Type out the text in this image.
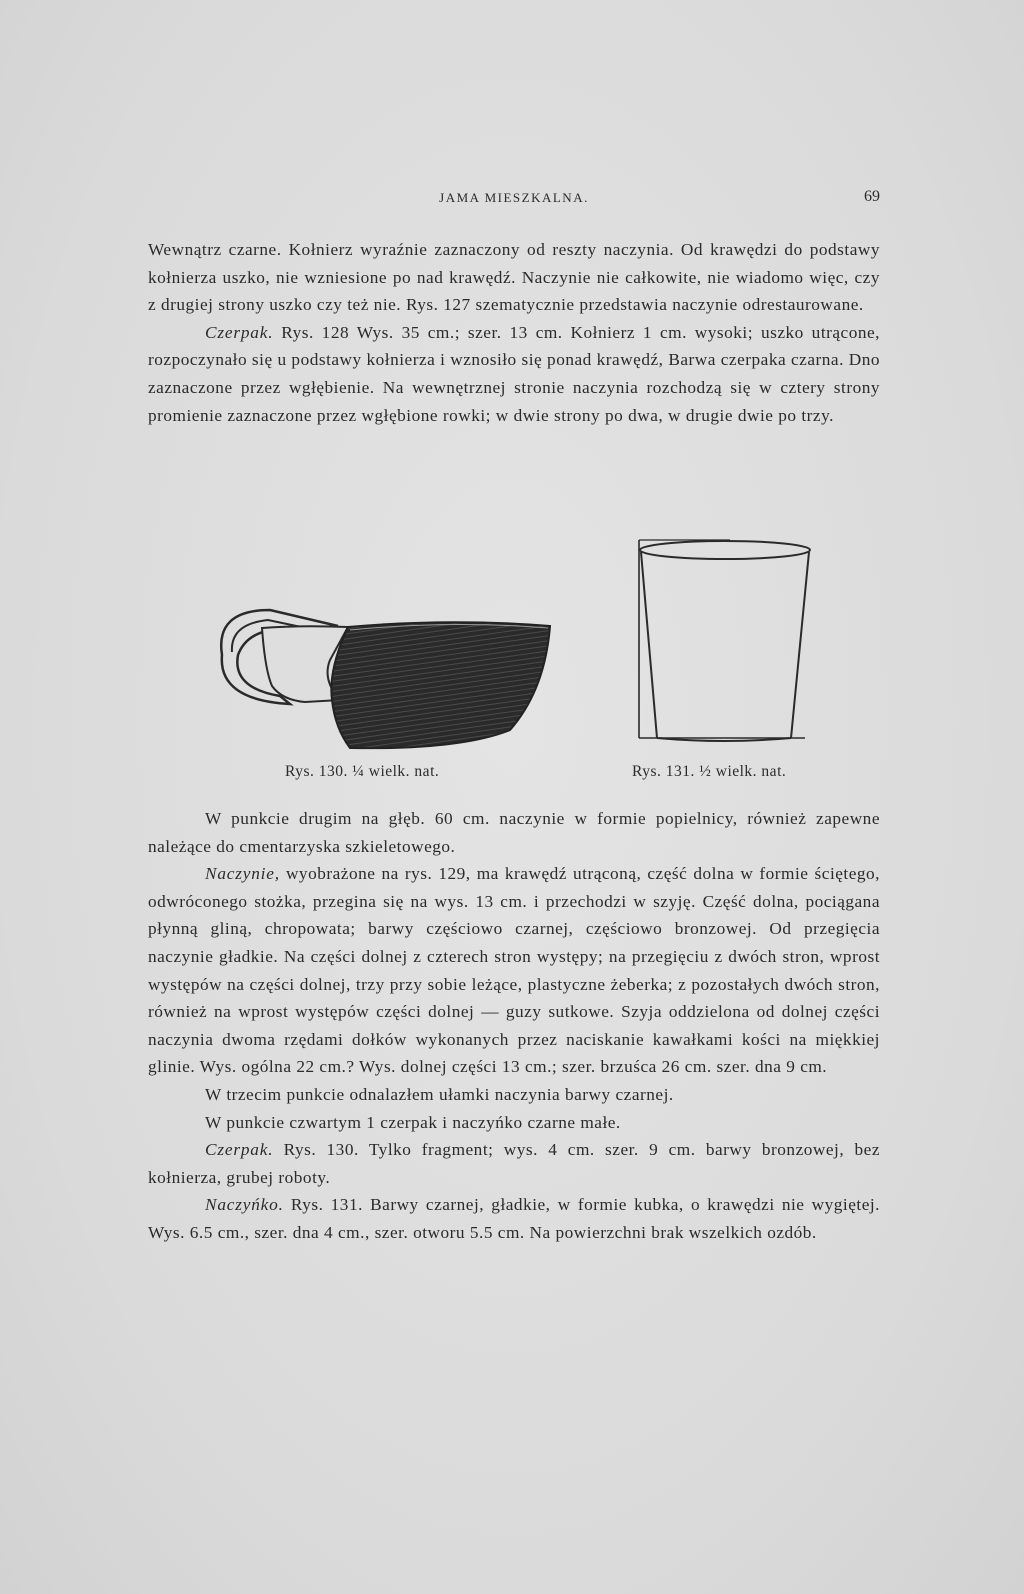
JAMA MIESZKALNA.	69

Wewnątrz czarne. Kołnierz wyraźnie zaznaczony od reszty naczynia. Od krawędzi do podstawy kołnierza uszko, nie wzniesione po nad krawędź. Naczynie nie całkowite, nie wiadomo więc, czy z drugiej strony uszko czy też nie. Rys. 127 szematycznie przedstawia naczynie odrestaurowane.

Czerpak. Rys. 128 Wys. 35 cm.; szer. 13 cm. Kołnierz 1 cm. wysoki; uszko utrącone, rozpoczynało się u podstawy kołnierza i wznosiło się ponad krawędź, Barwa czerpaka czarna. Dno zaznaczone przez wgłębienie. Na wewnętrznej stronie naczynia rozchodzą się w cztery strony promienie zaznaczone przez wgłębione rowki; w dwie strony po dwa, w drugie dwie po trzy.

Rys. 130. ¼ wielk. nat.	Rys. 131. ½ wielk. nat.

W punkcie drugim na głęb. 60 cm. naczynie w formie popielnicy, również zapewne należące do cmentarzyska szkieletowego.

Naczynie, wyobrażone na rys. 129, ma krawędź utrąconą, część dolna w formie ściętego, odwróconego stożka, przegina się na wys. 13 cm. i przechodzi w szyję. Część dolna, pociągana płynną gliną, chropowata; barwy częściowo czarnej, częściowo bronzowej. Od przegięcia naczynie gładkie. Na części dolnej z czterech stron występy; na przegięciu z dwóch stron, wprost występów na części dolnej, trzy przy sobie leżące, plastyczne żeberka; z pozostałych dwóch stron, również na wprost występów części dolnej — guzy sutkowe. Szyja oddzielona od dolnej części naczynia dwoma rzędami dołków wykonanych przez naciskanie kawałkami kości na miękkiej glinie. Wys. ogólna 22 cm.? Wys. dolnej części 13 cm.; szer. brzuśca 26 cm. szer. dna 9 cm.

W trzecim punkcie odnalazłem ułamki naczynia barwy czarnej.

W punkcie czwartym 1 czerpak i naczyńko czarne małe.

Czerpak. Rys. 130. Tylko fragment; wys. 4 cm. szer. 9 cm. barwy bronzowej, bez kołnierza, grubej roboty.

Naczyńko. Rys. 131. Barwy czarnej, gładkie, w formie kubka, o krawędzi nie wygiętej. Wys. 6.5 cm., szer. dna 4 cm., szer. otworu 5.5 cm. Na powierzchni brak wszelkich ozdób.
